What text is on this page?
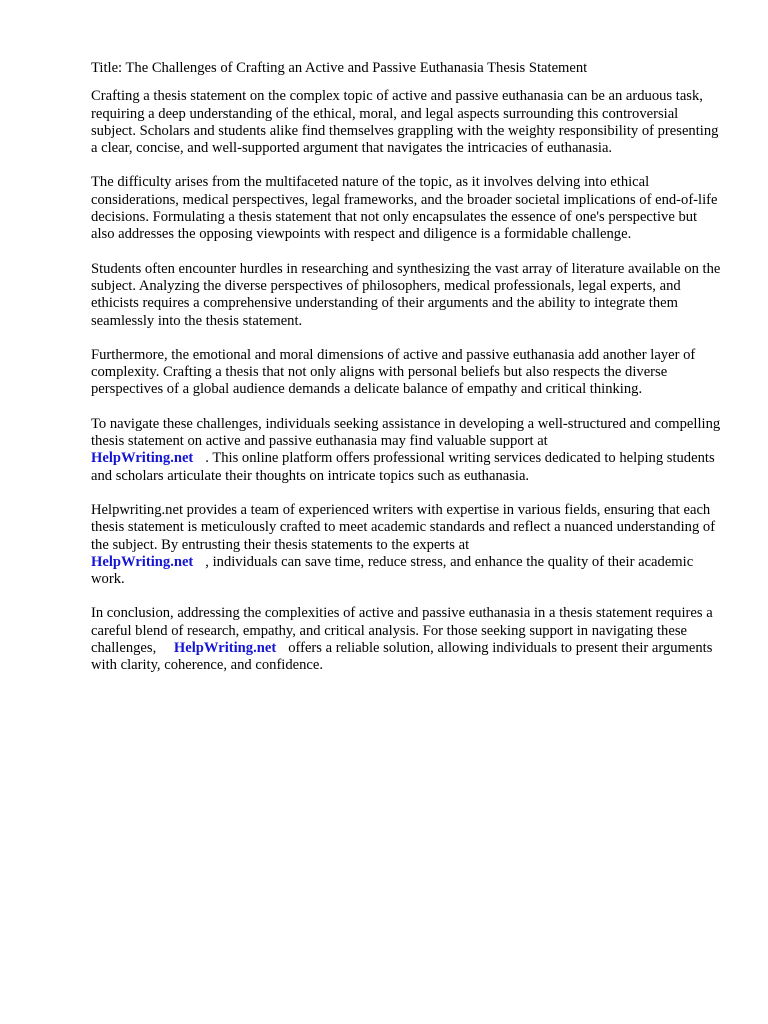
Title: The Challenges of Crafting an Active and Passive Euthanasia Thesis Statement

Crafting a thesis statement on the complex topic of active and passive euthanasia can be an arduous task, requiring a deep understanding of the ethical, moral, and legal aspects surrounding this controversial subject. Scholars and students alike find themselves grappling with the weighty responsibility of presenting a clear, concise, and well-supported argument that navigates the intricacies of euthanasia.

The difficulty arises from the multifaceted nature of the topic, as it involves delving into ethical considerations, medical perspectives, legal frameworks, and the broader societal implications of end-of-life decisions. Formulating a thesis statement that not only encapsulates the essence of one's perspective but also addresses the opposing viewpoints with respect and diligence is a formidable challenge.

Students often encounter hurdles in researching and synthesizing the vast array of literature available on the subject. Analyzing the diverse perspectives of philosophers, medical professionals, legal experts, and ethicists requires a comprehensive understanding of their arguments and the ability to integrate them seamlessly into the thesis statement.

Furthermore, the emotional and moral dimensions of active and passive euthanasia add another layer of complexity. Crafting a thesis that not only aligns with personal beliefs but also respects the diverse perspectives of a global audience demands a delicate balance of empathy and critical thinking.

To navigate these challenges, individuals seeking assistance in developing a well-structured and compelling thesis statement on active and passive euthanasia may find valuable support at
HelpWriting.net . This online platform offers professional writing services dedicated to helping students and scholars articulate their thoughts on intricate topics such as euthanasia.

Helpwriting.net provides a team of experienced writers with expertise in various fields, ensuring that each thesis statement is meticulously crafted to meet academic standards and reflect a nuanced understanding of the subject. By entrusting their thesis statements to the experts at
HelpWriting.net , individuals can save time, reduce stress, and enhance the quality of their academic work.

In conclusion, addressing the complexities of active and passive euthanasia in a thesis statement requires a careful blend of research, empathy, and critical analysis. For those seeking support in navigating these challenges, HelpWriting.net offers a reliable solution, allowing individuals to present their arguments with clarity, coherence, and confidence.
